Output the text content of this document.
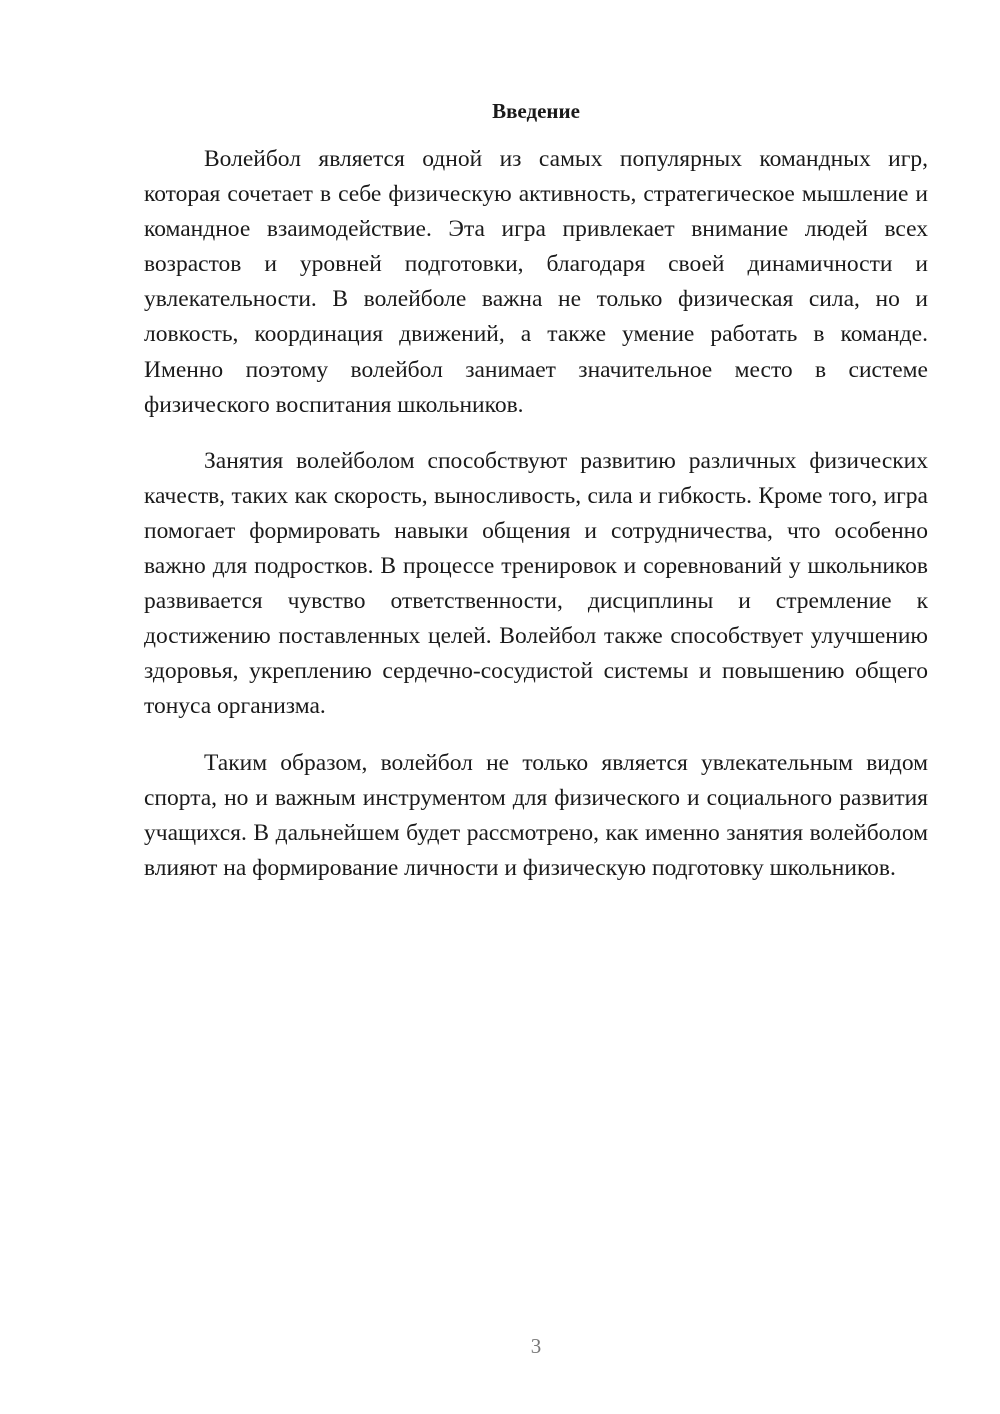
Введение

Волейбол является одной из самых популярных командных игр, которая сочетает в себе физическую активность, стратегическое мышление и командное взаимодействие. Эта игра привлекает внимание людей всех возрастов и уровней подготовки, благодаря своей динамичности и увлекательности. В волейболе важна не только физическая сила, но и ловкость, координация движений, а также умение работать в команде. Именно поэтому волейбол занимает значительное место в системе физического воспитания школьников.

Занятия волейболом способствуют развитию различных физических качеств, таких как скорость, выносливость, сила и гибкость. Кроме того, игра помогает формировать навыки общения и сотрудничества, что особенно важно для подростков. В процессе тренировок и соревнований у школьников развивается чувство ответственности, дисциплины и стремление к достижению поставленных целей. Волейбол также способствует улучшению здоровья, укреплению сердечно-сосудистой системы и повышению общего тонуса организма.

Таким образом, волейбол не только является увлекательным видом спорта, но и важным инструментом для физического и социального развития учащихся. В дальнейшем будет рассмотрено, как именно занятия волейболом влияют на формирование личности и физическую подготовку школьников.

3
